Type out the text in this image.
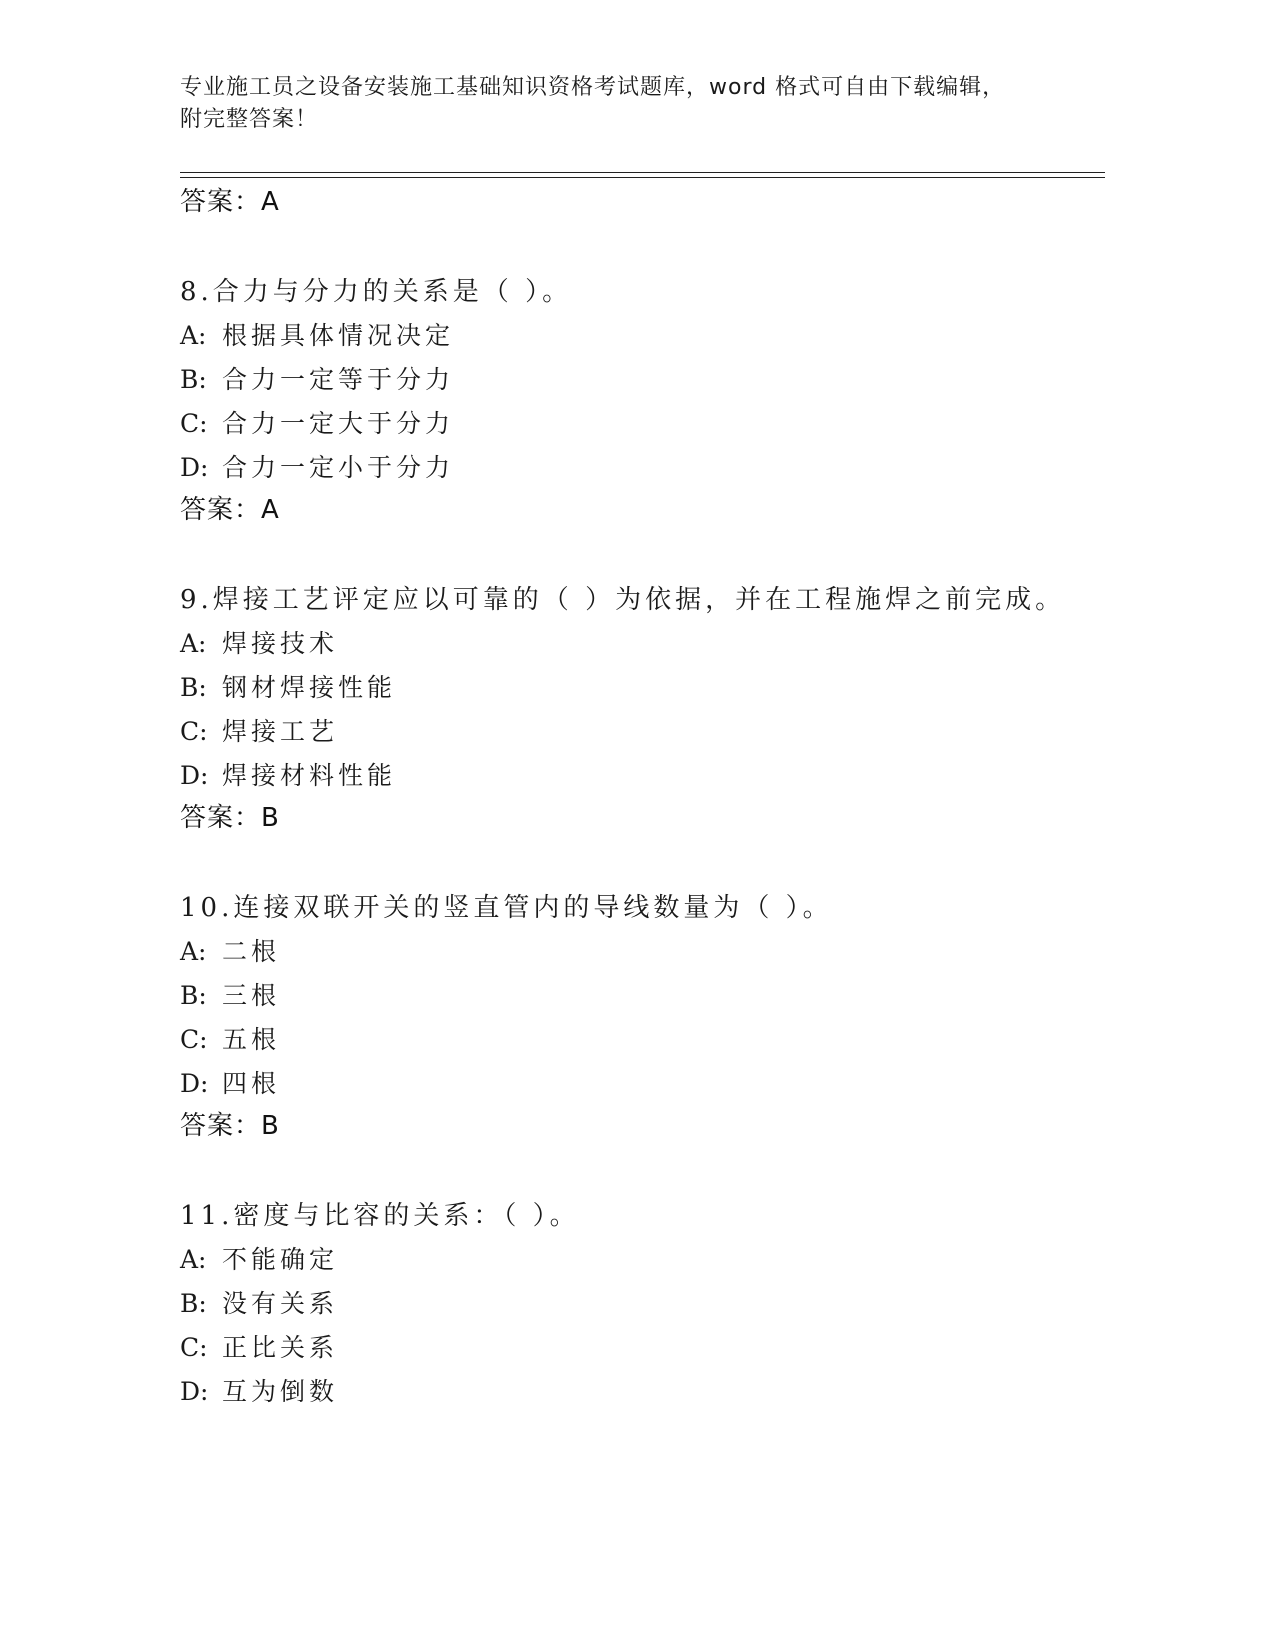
专业施工员之设备安装施工基础知识资格考试题库，word 格式可自由下载编辑，

附完整答案！

答案：A

8.合力与分力的关系是（ ）。

A: 根据具体情况决定

B: 合力一定等于分力

C: 合力一定大于分力

D: 合力一定小于分力

答案：A

9.焊接工艺评定应以可靠的（ ）为依据，并在工程施焊之前完成。

A: 焊接技术

B: 钢材焊接性能

C: 焊接工艺

D: 焊接材料性能

答案：B

10.连接双联开关的竖直管内的导线数量为（ ）。

A: 二根

B: 三根

C: 五根

D: 四根

答案：B

11.密度与比容的关系：（ ）。

A: 不能确定

B: 没有关系

C: 正比关系

D: 互为倒数
